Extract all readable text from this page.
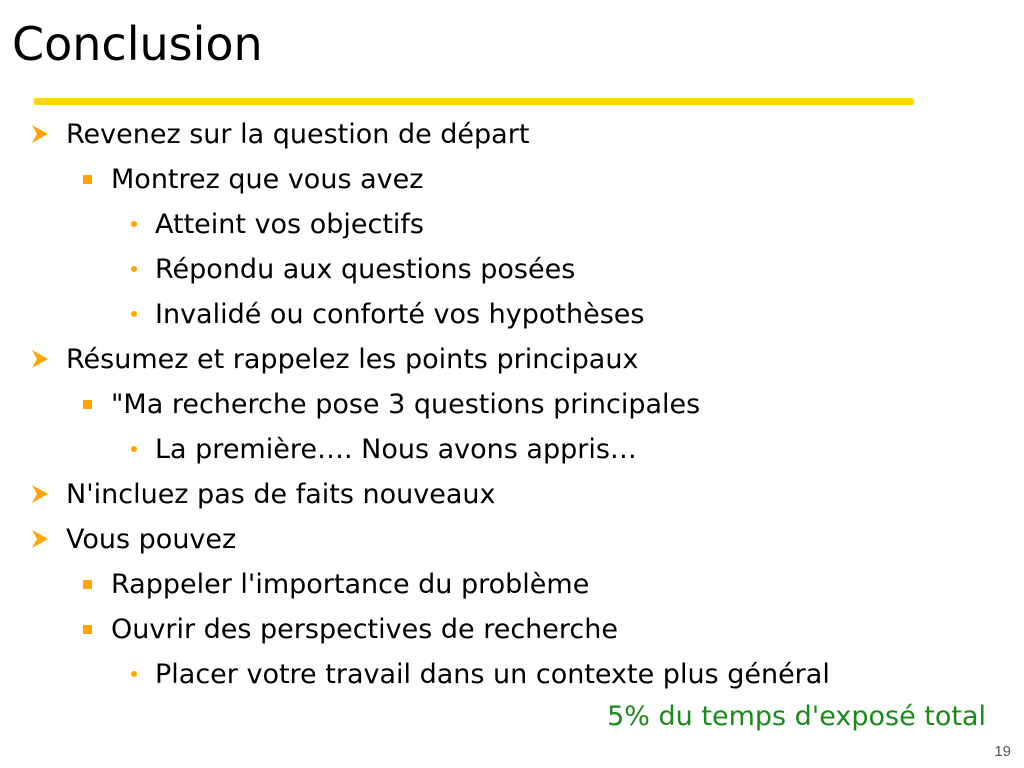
Conclusion
Revenez sur la question de départ
Montrez que vous avez
Atteint vos objectifs
Répondu aux questions posées
Invalidé ou conforté vos hypothèses
Résumez et rappelez les points principaux
"Ma recherche pose 3 questions principales
La première…. Nous avons appris…
N'incluez pas de faits nouveaux
Vous pouvez
Rappeler l'importance du problème
Ouvrir des perspectives de recherche
Placer votre travail dans un contexte plus général
5% du temps d'exposé total
19
